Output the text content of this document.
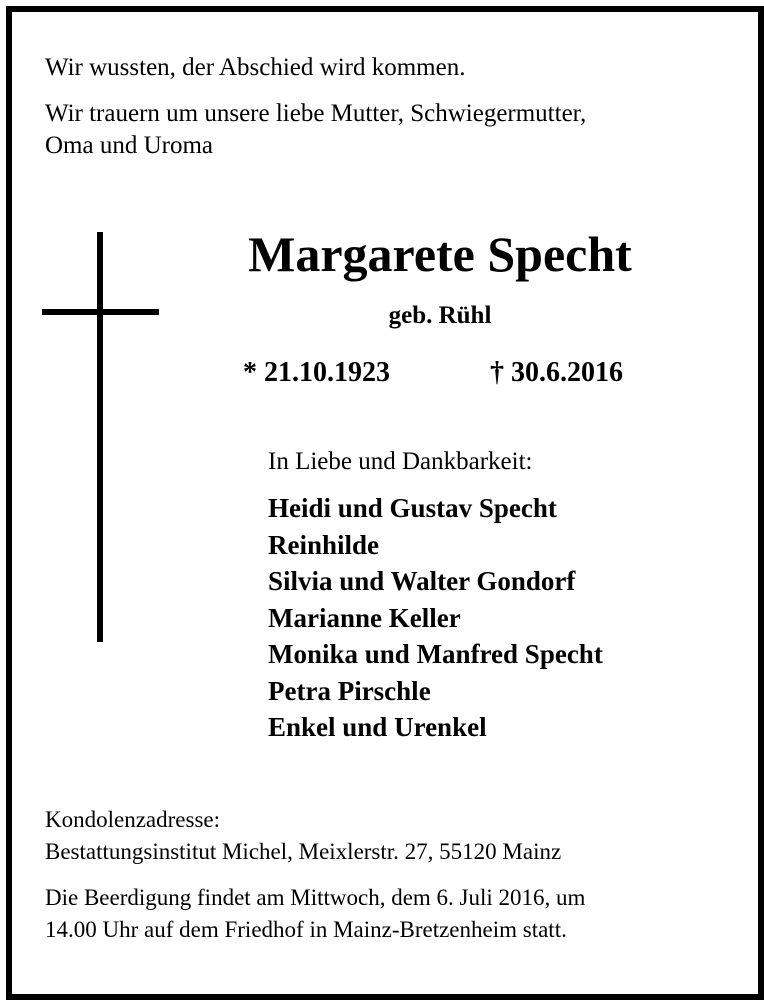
Wir wussten, der Abschied wird kommen.

Wir trauern um unsere liebe Mutter, Schwiegermutter,
Oma und Uroma

Margarete Specht
geb. Rühl
* 21.10.1923	† 30.6.2016
In Liebe und Dankbarkeit:
Heidi und Gustav Specht
Reinhilde
Silvia und Walter Gondorf
Marianne Keller
Monika und Manfred Specht
Petra Pirschle
Enkel und Urenkel

Kondolenzadresse:
Bestattungsinstitut Michel, Meixlerstr. 27, 55120 Mainz

Die Beerdigung findet am Mittwoch, dem 6. Juli 2016, um
14.00 Uhr auf dem Friedhof in Mainz-Bretzenheim statt.
